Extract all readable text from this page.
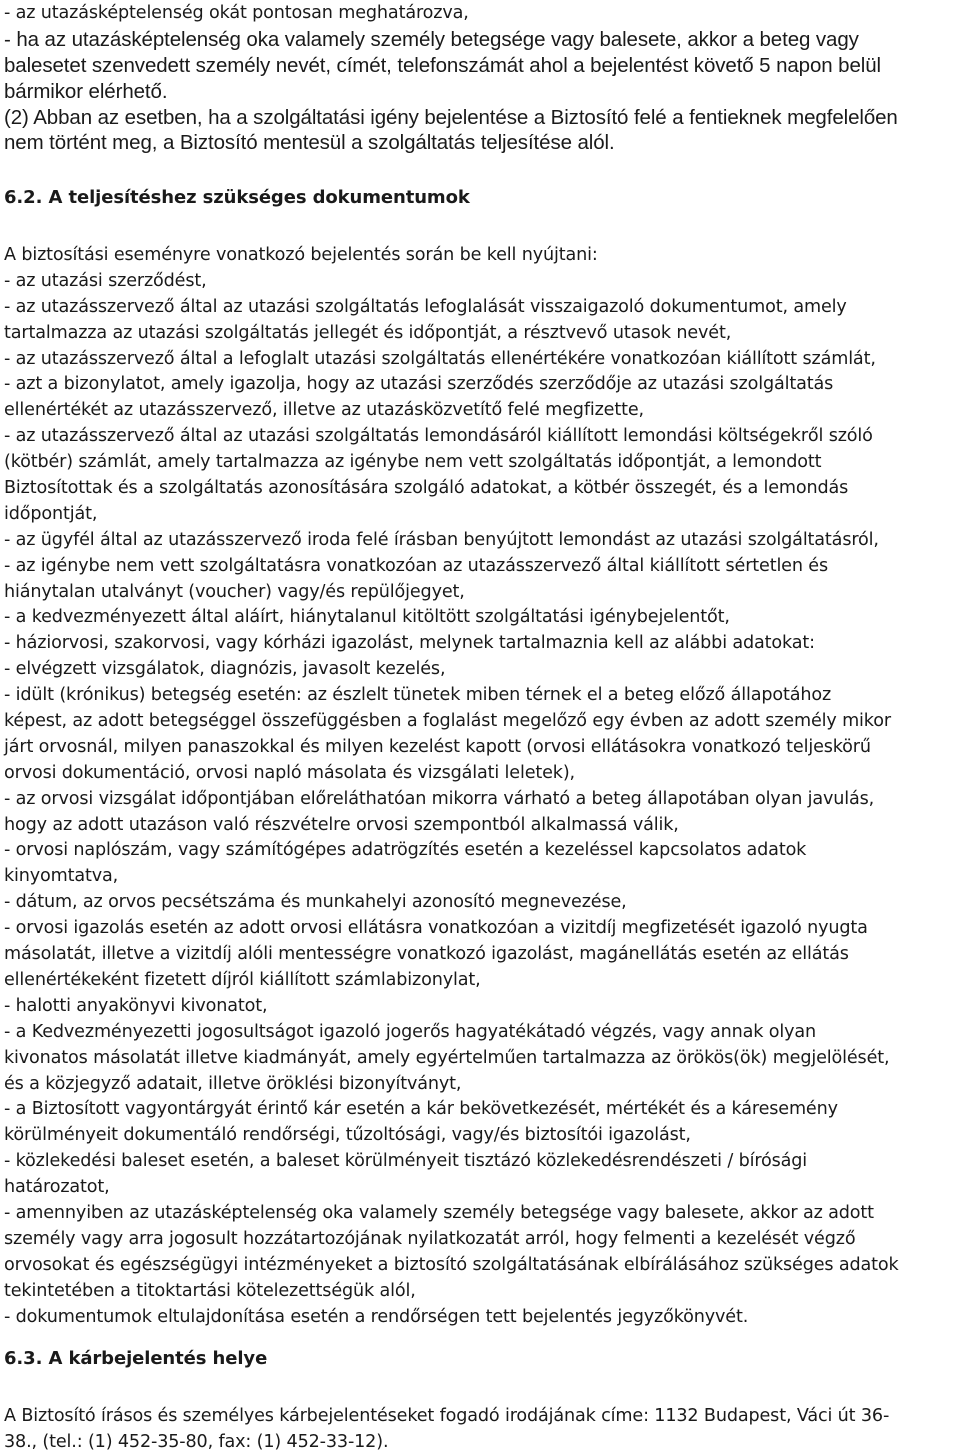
- az utazásképtelenség okát pontosan meghatározva,
- ha az utazásképtelenség oka valamely személy betegsége vagy balesete, akkor a beteg vagy
balesetet szenvedett személy nevét, címét, telefonszámát ahol a bejelentést követő 5 napon belül
bármikor elérhető.
(2) Abban az esetben, ha a szolgáltatási igény bejelentése a Biztosító felé a fentieknek megfelelően
nem történt meg, a Biztosító mentesül a szolgáltatás teljesítése alól.
6.2. A teljesítéshez szükséges dokumentumok
A biztosítási eseményre vonatkozó bejelentés során be kell nyújtani:
- az utazási szerződést,
- az utazásszervező által az utazási szolgáltatás lefoglalását visszaigazoló dokumentumot, amely
tartalmazza az utazási szolgáltatás jellegét és időpontját, a résztvevő utasok nevét,
- az utazásszervező által a lefoglalt utazási szolgáltatás ellenértékére vonatkozóan kiállított számlát,
- azt a bizonylatot, amely igazolja, hogy az utazási szerződés szerződője az utazási szolgáltatás
ellenértékét az utazásszervező, illetve az utazásközvetítő felé megfizette,
- az utazásszervező által az utazási szolgáltatás lemondásáról kiállított lemondási költségekről szóló
(kötbér) számlát, amely tartalmazza az igénybe nem vett szolgáltatás időpontját, a lemondott
Biztosítottak és a szolgáltatás azonosítására szolgáló adatokat, a kötbér összegét, és a lemondás
időpontját,
- az ügyfél által az utazásszervező iroda felé írásban benyújtott lemondást az utazási szolgáltatásról,
- az igénybe nem vett szolgáltatásra vonatkozóan az utazásszervező által kiállított sértetlen és
hiánytalan utalványt (voucher) vagy/és repülőjegyet,
- a kedvezményezett által aláírt, hiánytalanul kitöltött szolgáltatási igénybejelentőt,
- háziorvosi, szakorvosi, vagy kórházi igazolást, melynek tartalmaznia kell az alábbi adatokat:
- elvégzett vizsgálatok, diagnózis, javasolt kezelés,
- idült (krónikus) betegség esetén: az észlelt tünetek miben térnek el a beteg előző állapotához
képest, az adott betegséggel összefüggésben a foglalást megelőző egy évben az adott személy mikor
járt orvosnál, milyen panaszokkal és milyen kezelést kapott (orvosi ellátásokra vonatkozó teljeskörű
orvosi dokumentáció, orvosi napló másolata és vizsgálati leletek),
- az orvosi vizsgálat időpontjában előreláthatóan mikorra várható a beteg állapotában olyan javulás,
hogy az adott utazáson való részvételre orvosi szempontból alkalmassá válik,
- orvosi naplószám, vagy számítógépes adatrögzítés esetén a kezeléssel kapcsolatos adatok
kinyomtatva,
- dátum, az orvos pecsétszáma és munkahelyi azonosító megnevezése,
- orvosi igazolás esetén az adott orvosi ellátásra vonatkozóan a vizitdíj megfizetését igazoló nyugta
másolatát, illetve a vizitdíj alóli mentességre vonatkozó igazolást, magánellátás esetén az ellátás
ellenértékeként fizetett díjról kiállított számlabizonylat,
- halotti anyakönyvi kivonatot,
- a Kedvezményezetti jogosultságot igazoló jogerős hagyatékátadó végzés, vagy annak olyan
kivonatos másolatát illetve kiadmányát, amely egyértelműen tartalmazza az örökös(ök) megjelölését,
és a közjegyző adatait, illetve öröklési bizonyítványt,
- a Biztosított vagyontárgyát érintő kár esetén a kár bekövetkezését, mértékét és a káresemény
körülményeit dokumentáló rendőrségi, tűzoltósági, vagy/és biztosítói igazolást,
- közlekedési baleset esetén, a baleset körülményeit tisztázó közlekedésrendészeti / bírósági
határozatot,
- amennyiben az utazásképtelenség oka valamely személy betegsége vagy balesete, akkor az adott
személy vagy arra jogosult hozzátartozójának nyilatkozatát arról, hogy felmenti a kezelését végző
orvosokat és egészségügyi intézményeket a biztosító szolgáltatásának elbírálásához szükséges adatok
tekintetében a titoktartási kötelezettségük alól,
- dokumentumok eltulajdonítása esetén a rendőrségen tett bejelentés jegyzőkönyvét.
6.3. A kárbejelentés helye
A Biztosító írásos és személyes kárbejelentéseket fogadó irodájának címe: 1132 Budapest, Váci út 36-
38., (tel.: (1) 452-35-80, fax: (1) 452-33-12).
